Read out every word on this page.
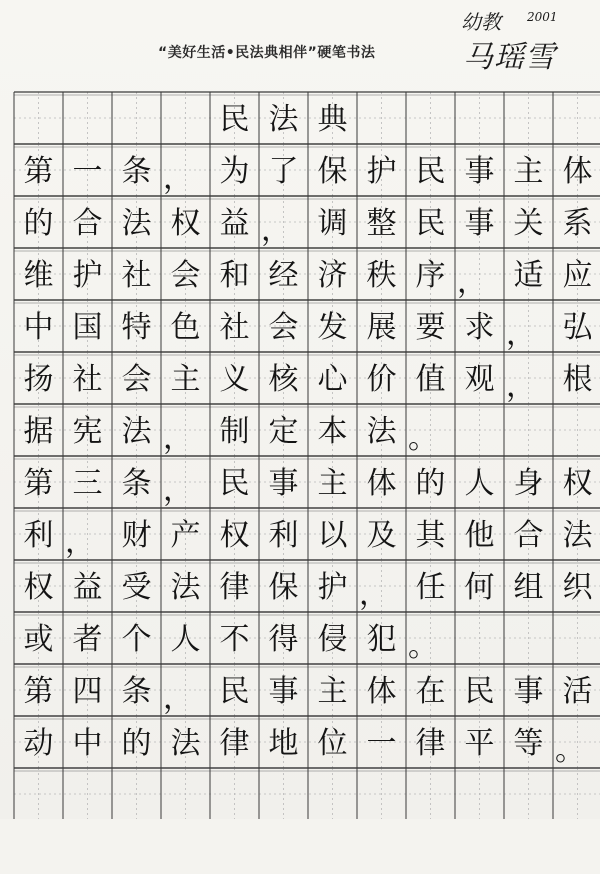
“美好生活•民法典相伴”硬笔书法
幼教 2001
马瑶雪
民 法 典
第 一 条 ， 为 了 保 护 民 事 主 体
的 合 法 权 益 ， 调 整 民 事 关 系
维 护 社 会 和 经 济 秩 序 ， 适 应
中 国 特 色 社 会 发 展 要 求 ， 弘
扬 社 会 主 义 核 心 价 值 观 ， 根
据 宪 法 ， 制 定 本 法 。
第 三 条 ， 民 事 主 体 的 人 身 权
利 ， 财 产 权 利 以 及 其 他 合 法
权 益 受 法 律 保 护 ， 任 何 组 织
或 者 个 人 不 得 侵 犯 。
第 四 条 ， 民 事 主 体 在 民 事 活
动 中 的 法 律 地 位 一 律 平 等 。
